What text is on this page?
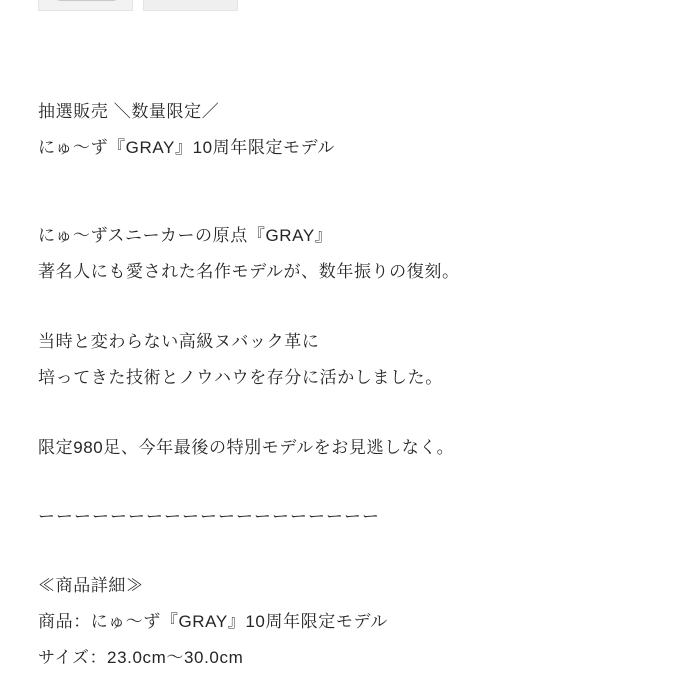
抽選販売 ＼数量限定／
にゅ〜ず『GRAY』10周年限定モデル
にゅ〜ずスニーカーの原点『GRAY』
著名人にも愛された名作モデルが、数年振りの復刻。
当時と変わらない高級ヌバック革に
培ってきた技術とノウハウを存分に活かしました。
限定980足、今年最後の特別モデルをお見逃しなく。
ーーーーーーーーーーーーーーーーーーー
≪商品詳細≫
商品：にゅ〜ず『GRAY』10周年限定モデル
サイズ：23.0cm〜30.0cm
